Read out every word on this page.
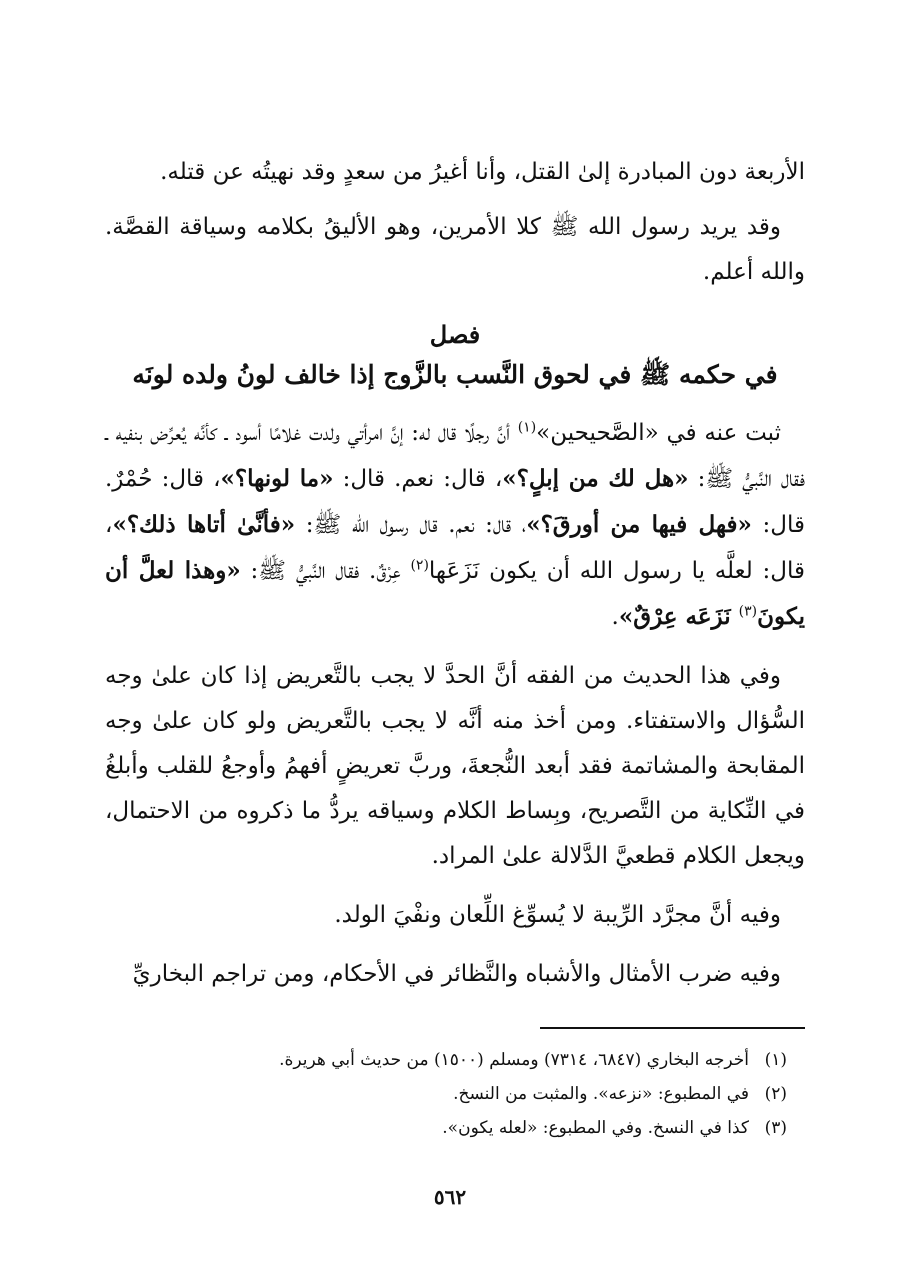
الأربعة دون المبادرة إلىٰ القتل، وأنا أغيرُ من سعدٍ وقد نهيتُه عن قتله.

وقد يريد رسول الله ﷺ كلا الأمرين، وهو الأليقُ بكلامه وسياقة القصَّة. والله أعلم.

فصل
في حكمه ﷺ في لحوق النَّسب بالزَّوج إذا خالف لونُ ولده لونَه

ثبت عنه في «الصَّحيحين»$^{(١)}$ أنَّ رجلًا قال له: إنَّ امرأتي ولدت غلامًا أسود ـ كأنَّه يُعرِّض بنفيه ـ فقال النَّبيُّ ﷺ: «هل لك من إبلٍ؟»، قال: نعم. قال: «ما لونها؟»، قال: حُمْرٌ. قال: «فهل فيها من أورقَ؟»، قال: نعم. قال رسول الله ﷺ: «فأنَّىٰ أتاها ذلك؟»، قال: لعلَّه يا رسول الله أن يكون نَزَعَها$^{(٢)}$ عِرْقٌ. فقال النَّبيُّ ﷺ: «وهذا لعلَّ أن يكونَ$^{(٣)}$ نَزَعَه عِرْقٌ».

وفي هذا الحديث من الفقه أنَّ الحدَّ لا يجب بالتَّعريض إذا كان علىٰ وجه السُّؤال والاستفتاء. ومن أخذ منه أنَّه لا يجب بالتَّعريض ولو كان علىٰ وجه المقابحة والمشاتمة فقد أبعد النُّجعةَ، وربَّ تعريضٍ أفهمُ وأوجعُ للقلب وأبلغُ في النِّكاية من التَّصريح، وبِساط الكلام وسياقه يردُّ ما ذكروه من الاحتمال، ويجعل الكلام قطعيَّ الدَّلالة علىٰ المراد.

وفيه أنَّ مجرَّد الرِّيبة لا يُسوِّغ اللِّعان ونفْيَ الولد.

وفيه ضرب الأمثال والأشباه والنَّظائر في الأحكام، ومن تراجم البخاريِّ

(١)أخرجه البخاري (٦٨٤٧، ٧٣١٤) ومسلم (١٥٠٠) من حديث أبي هريرة.

(٢)في المطبوع: «نزعه». والمثبت من النسخ.

(٣)كذا في النسخ. وفي المطبوع: «لعله يكون».

٥٦٢
